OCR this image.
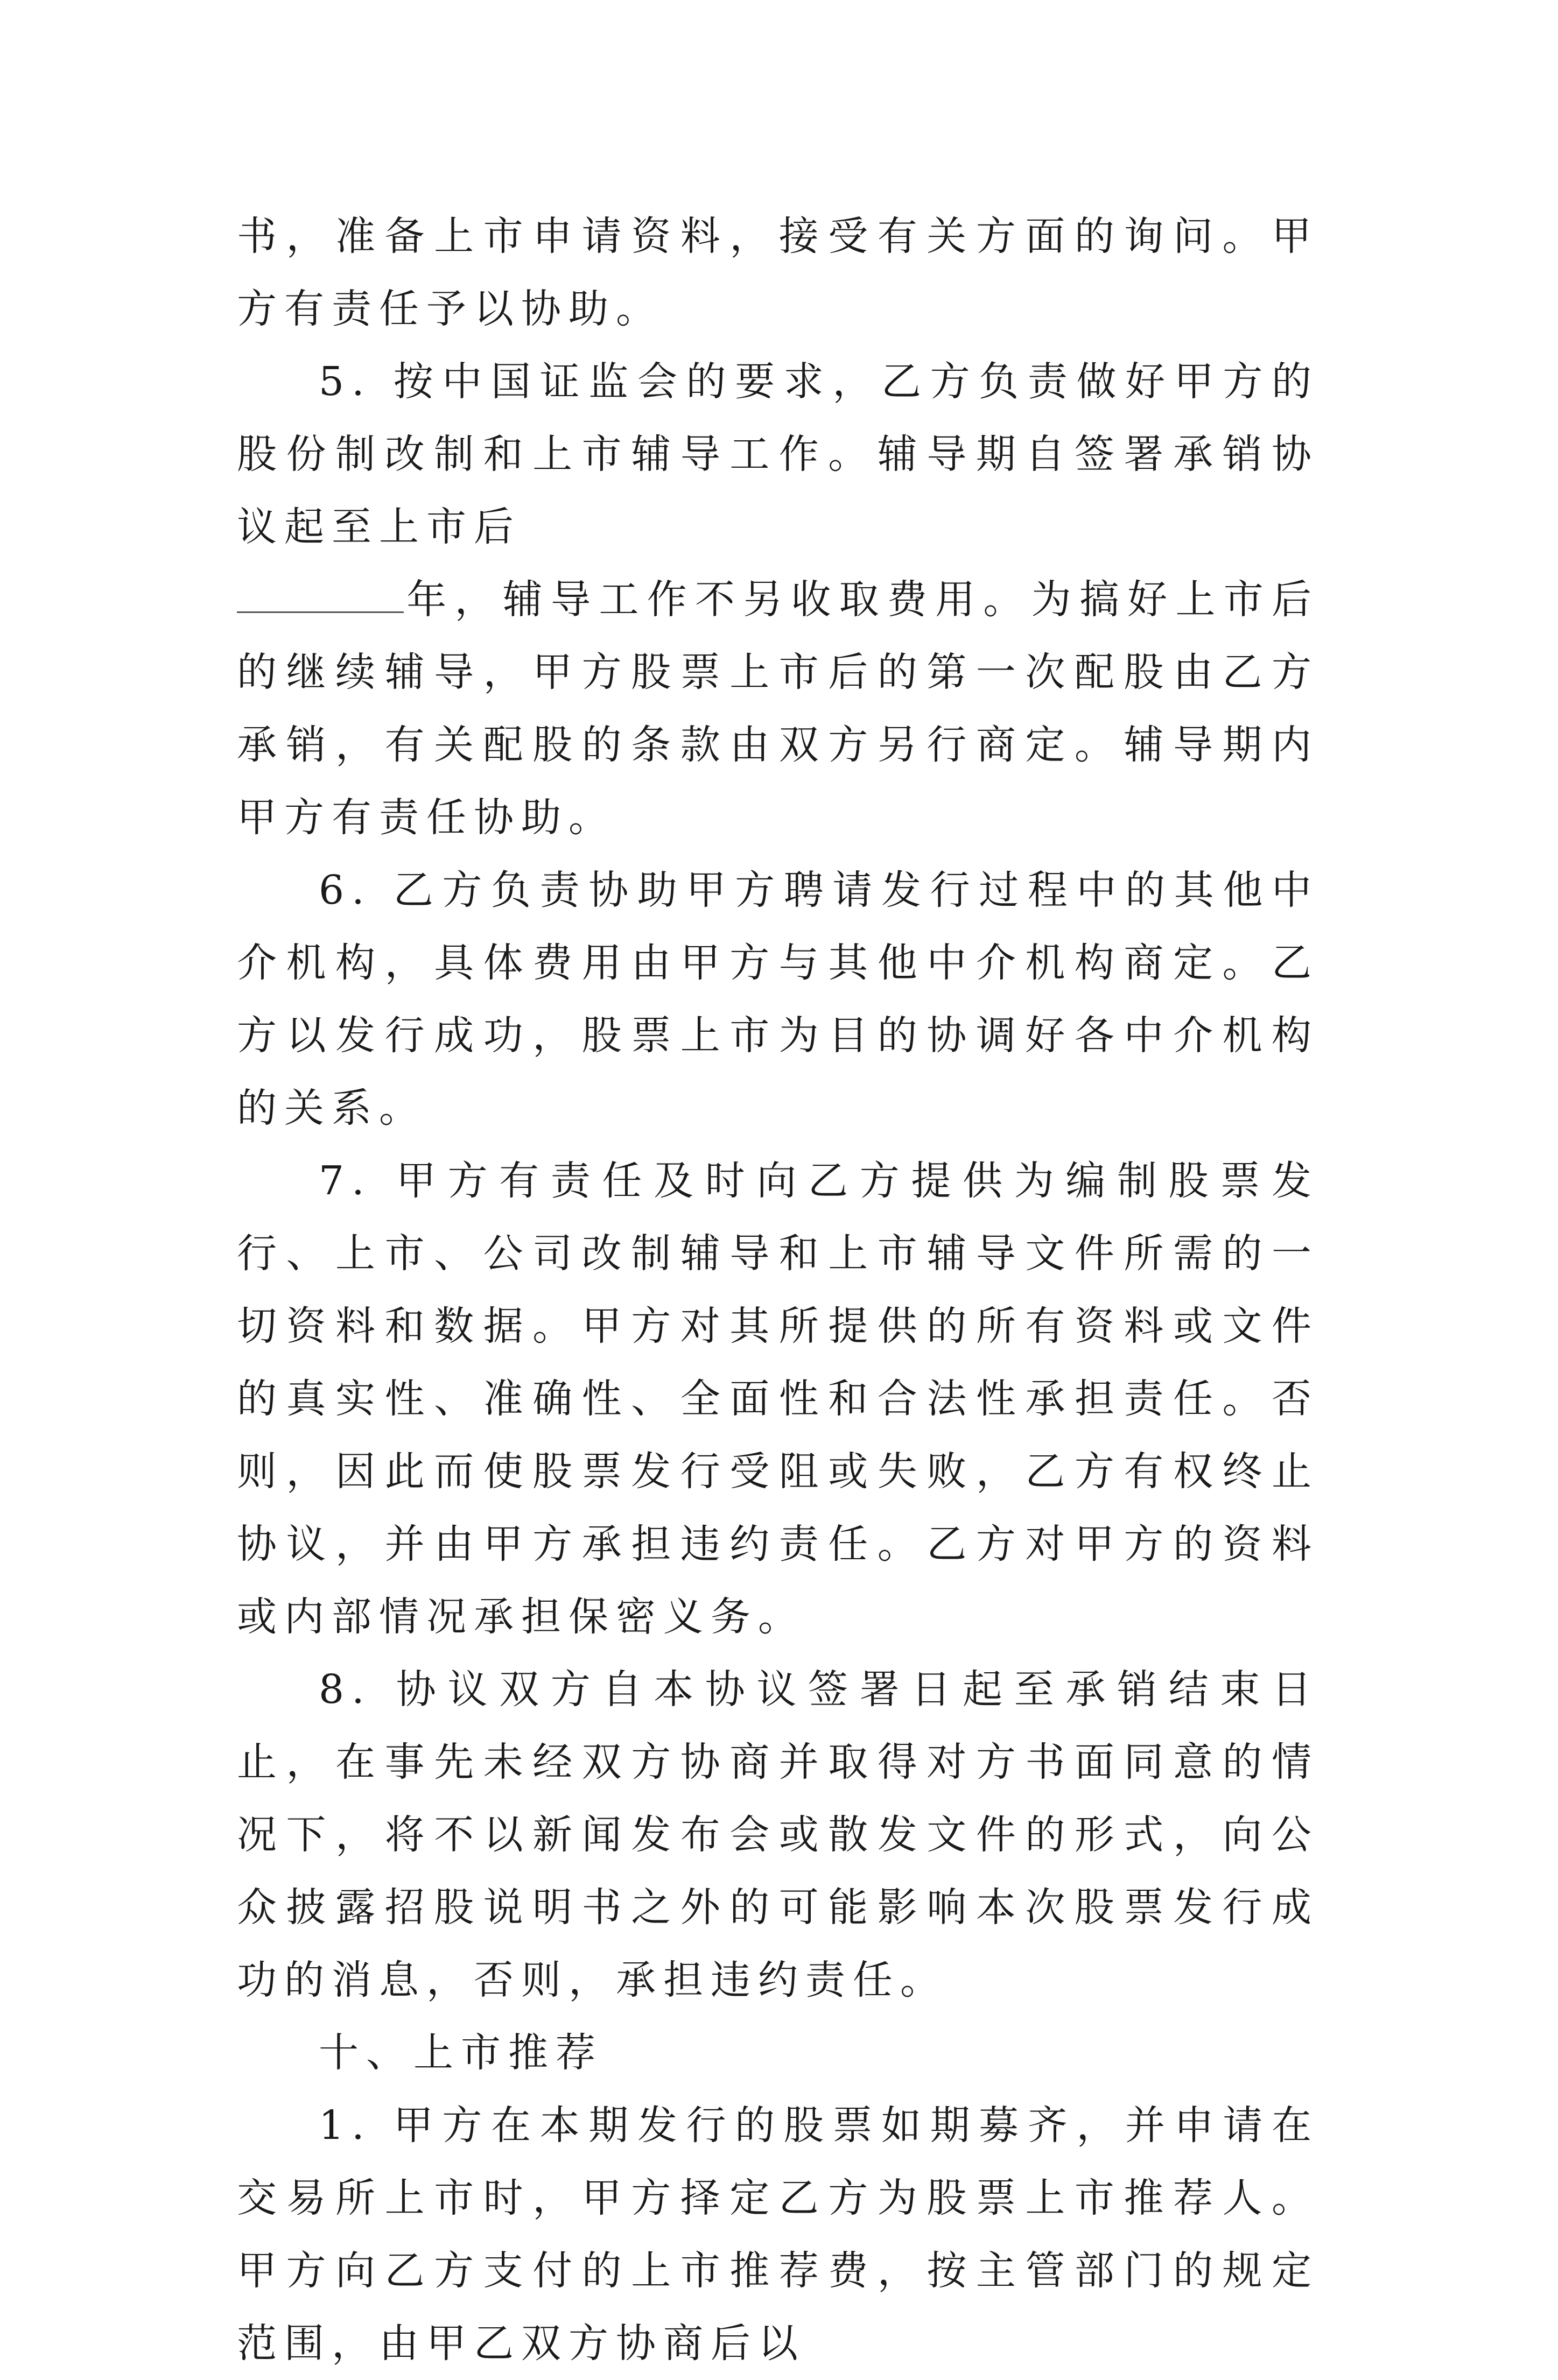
书，准备上市申请资料，接受有关方面的询问。甲方有责任予以协助。

5. 按中国证监会的要求，乙方负责做好甲方的股份制改制和上市辅导工作。辅导期自签署承销协议起至上市后
年，辅导工作不另收取费用。为搞好上市后的继续辅导，甲方股票上市后的第一次配股由乙方承销，有关配股的条款由双方另行商定。辅导期内甲方有责任协助。

6. 乙方负责协助甲方聘请发行过程中的其他中介机构，具体费用由甲方与其他中介机构商定。乙方以发行成功，股票上市为目的协调好各中介机构的关系。

7. 甲方有责任及时向乙方提供为编制股票发行、上市、公司改制辅导和上市辅导文件所需的一切资料和数据。甲方对其所提供的所有资料或文件的真实性、准确性、全面性和合法性承担责任。否则，因此而使股票发行受阻或失败，乙方有权终止协议，并由甲方承担违约责任。乙方对甲方的资料或内部情况承担保密义务。

8. 协议双方自本协议签署日起至承销结束日止，在事先未经双方协商并取得对方书面同意的情况下，将不以新闻发布会或散发文件的形式，向公众披露招股说明书之外的可能影响本次股票发行成功的消息，否则，承担违约责任。

十、上市推荐

1. 甲方在本期发行的股票如期募齐，并申请在交易所上市时，甲方择定乙方为股票上市推荐人。甲方向乙方支付的上市推荐费，按主管部门的规定范围，由甲乙双方协商后以
